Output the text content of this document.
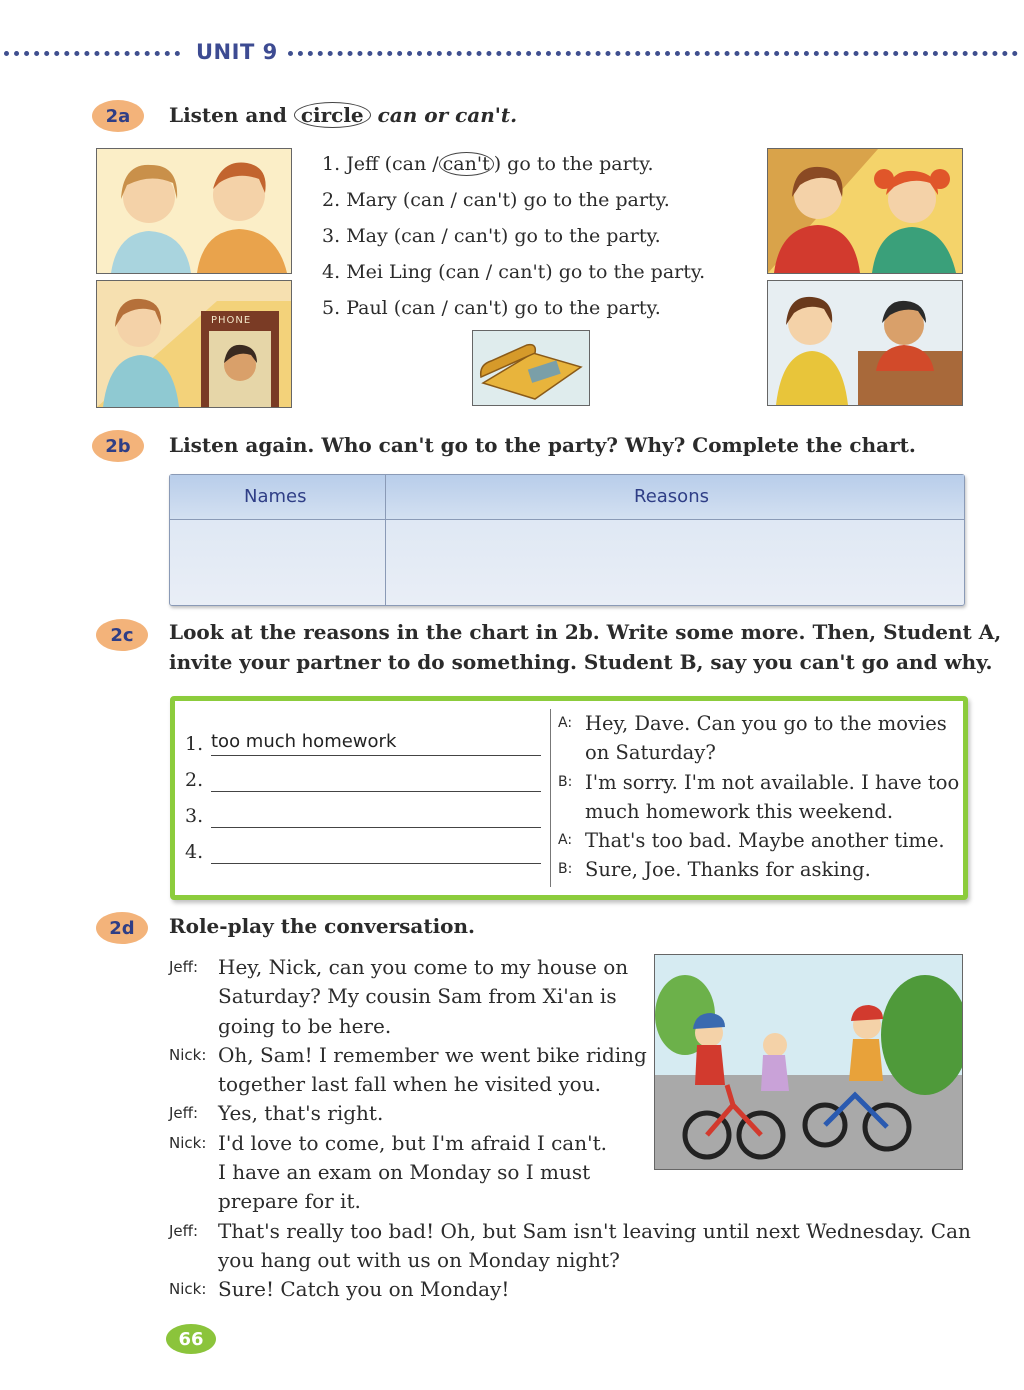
UNIT 9
2a	Listen and circle can or can't.
PHONE
1. Jeff (can / can't ) go to the party.
2. Mary (can / can't) go to the party.
3. May (can / can't) go to the party.
4. Mei Ling (can / can't) go to the party.
5. Paul (can / can't) go to the party.
2b	Listen again. Who can't go to the party? Why? Complete the chart.
Names	Reasons
2c	Look at the reasons in the chart in 2b. Write some more. Then, Student A,
invite your partner to do something. Student B, say you can't go and why.
1. too much homework
2.
3.
4.
A: Hey, Dave. Can you go to the movies
on Saturday?
B: I'm sorry. I'm not available. I have too
much homework this weekend.
A: That's too bad. Maybe another time.
B: Sure, Joe. Thanks for asking.
2d	Role-play the conversation.
Jeff: Hey, Nick, can you come to my house on
Saturday? My cousin Sam from Xi'an is
going to be here.
Nick: Oh, Sam! I remember we went bike riding
together last fall when he visited you.
Jeff: Yes, that's right.
Nick: I'd love to come, but I'm afraid I can't.
I have an exam on Monday so I must
prepare for it.
Jeff: That's really too bad! Oh, but Sam isn't leaving until next Wednesday. Can
you hang out with us on Monday night?
Nick: Sure! Catch you on Monday!
66
